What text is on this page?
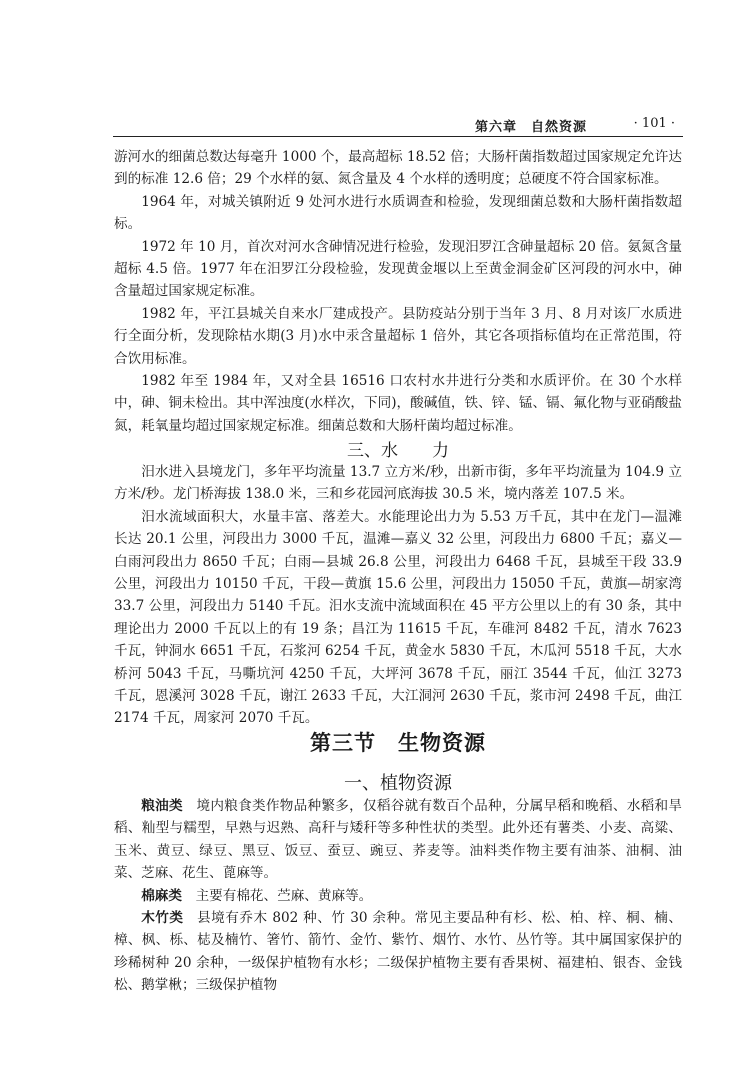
第六章　自然资源	· 101 ·

游河水的细菌总数达每毫升 1000 个，最高超标 18.52 倍；大肠杆菌指数超过国家规定允许达到的标准 12.6 倍；29 个水样的氨、氮含量及 4 个水样的透明度；总硬度不符合国家标准。

1964 年，对城关镇附近 9 处河水进行水质调查和检验，发现细菌总数和大肠杆菌指数超标。

1972 年 10 月，首次对河水含砷情况进行检验，发现汨罗江含砷量超标 20 倍。氨氮含量超标 4.5 倍。1977 年在汨罗江分段检验，发现黄金堰以上至黄金洞金矿区河段的河水中，砷含量超过国家规定标准。

1982 年，平江县城关自来水厂建成投产。县防疫站分别于当年 3 月、8 月对该厂水质进行全面分析，发现除枯水期(3 月)水中汞含量超标 1 倍外，其它各项指标值均在正常范围，符合饮用标准。

1982 年至 1984 年，又对全县 16516 口农村水井进行分类和水质评价。在 30 个水样中，砷、铜未检出。其中浑浊度(水样次，下同)，酸碱值，铁、锌、锰、镉、氟化物与亚硝酸盐氮，耗氧量均超过国家规定标准。细菌总数和大肠杆菌均超过标准。

三、水　　力

汨水进入县境龙门，多年平均流量 13.7 立方米/秒，出新市街，多年平均流量为 104.9 立方米/秒。龙门桥海拔 138.0 米，三和乡花园河底海拔 30.5 米，境内落差 107.5 米。

汨水流域面积大，水量丰富、落差大。水能理论出力为 5.53 万千瓦，其中在龙门—温滩长达 20.1 公里，河段出力 3000 千瓦，温滩—嘉义 32 公里，河段出力 6800 千瓦；嘉义—白雨河段出力 8650 千瓦；白雨—县城 26.8 公里，河段出力 6468 千瓦，县城至干段 33.9 公里，河段出力 10150 千瓦，干段—黄旗 15.6 公里，河段出力 15050 千瓦，黄旗—胡家湾 33.7 公里，河段出力 5140 千瓦。汨水支流中流域面积在 45 平方公里以上的有 30 条，其中理论出力 2000 千瓦以上的有 19 条；昌江为 11615 千瓦，车碓河 8482 千瓦，清水 7623 千瓦，钟洞水 6651 千瓦，石浆河 6254 千瓦，黄金水 5830 千瓦，木瓜河 5518 千瓦，大水桥河 5043 千瓦，马嘶坑河 4250 千瓦，大坪河 3678 千瓦，丽江 3544 千瓦，仙江 3273 千瓦，恩溪河 3028 千瓦，谢江 2633 千瓦，大江洞河 2630 千瓦，浆市河 2498 千瓦，曲江 2174 千瓦，周家河 2070 千瓦。

第三节　生物资源
一、植物资源

粮油类 境内粮食类作物品种繁多，仅稻谷就有数百个品种，分属早稻和晚稻、水稻和旱稻、籼型与糯型，早熟与迟熟、高秆与矮秆等多种性状的类型。此外还有薯类、小麦、高粱、玉米、黄豆、绿豆、黑豆、饭豆、蚕豆、豌豆、荞麦等。油料类作物主要有油茶、油桐、油菜、芝麻、花生、蓖麻等。

棉麻类 主要有棉花、苎麻、黄麻等。

木竹类 县境有乔木 802 种、竹 30 余种。常见主要品种有杉、松、柏、梓、桐、楠、樟、枫、栎、梽及楠竹、箸竹、箭竹、金竹、紫竹、烟竹、水竹、丛竹等。其中属国家保护的珍稀树种 20 余种，一级保护植物有水杉；二级保护植物主要有香果树、福建柏、银杏、金钱松、鹅掌楸；三级保护植物
